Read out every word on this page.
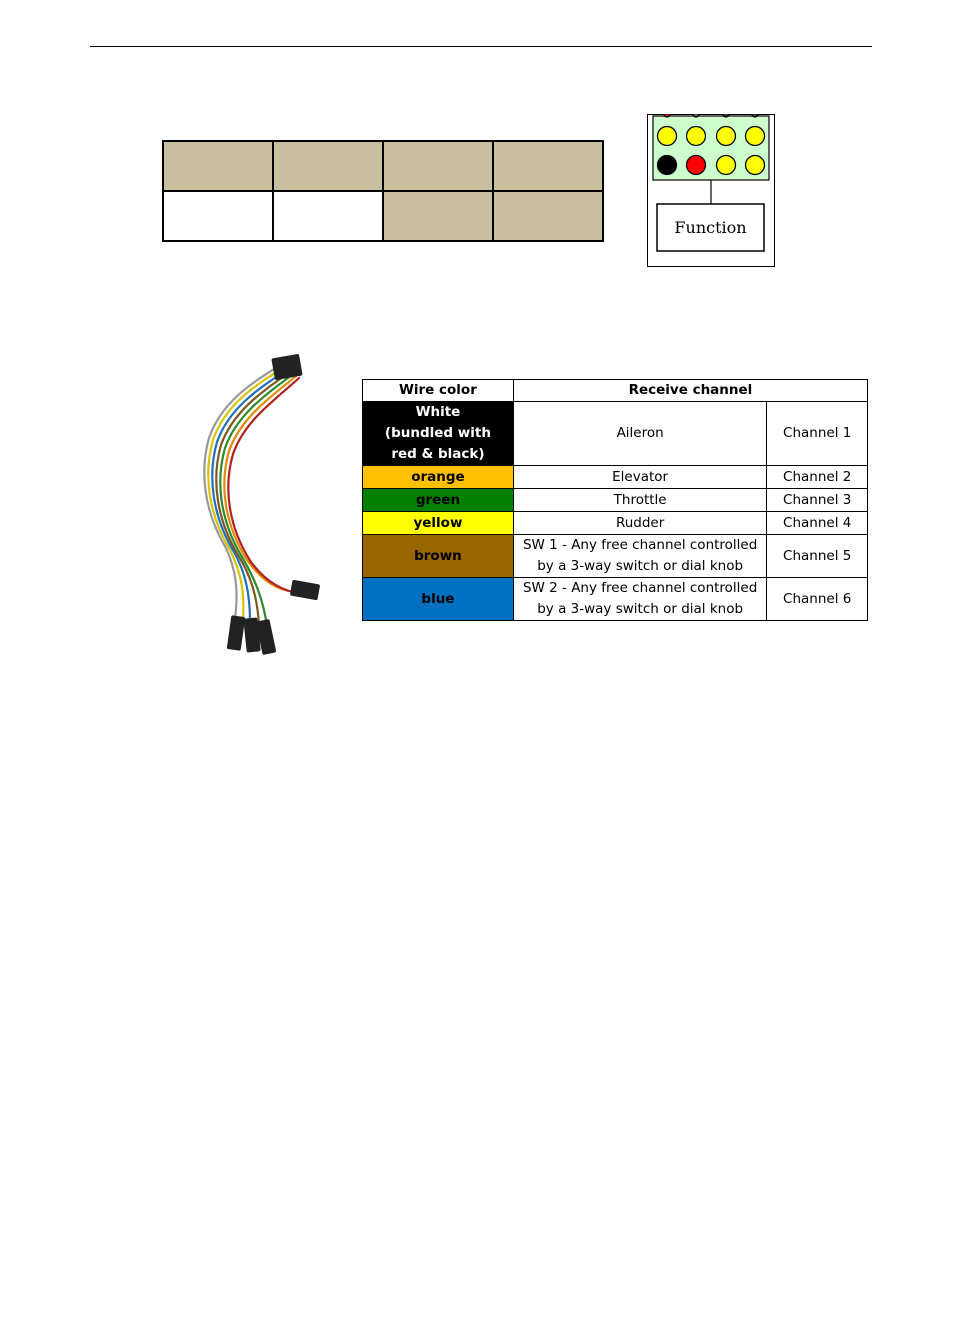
Function
Wire color	Receive channel	

White
(bundled with
red & black)	Aileron	Channel 1

orange	Elevator	Channel 2

green	Throttle	Channel 3

yellow	Rudder	Channel 4

brown	SW 1 - Any free channel controlled
by a 3-way switch or dial knob	Channel 5

blue	SW 2 - Any free channel controlled
by a 3-way switch or dial knob	Channel 6
